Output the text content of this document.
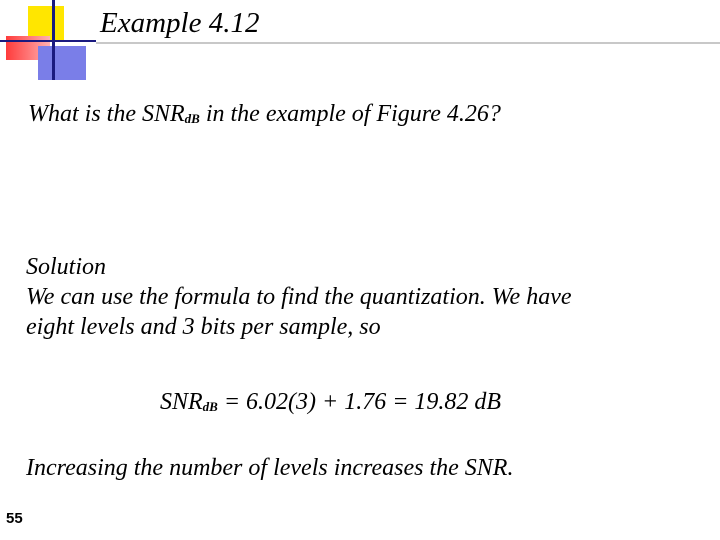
Example 4.12
What is the $SNR_{dB}$ in the example of Figure 4.26?
Solution
We can use the formula to find the quantization. We have
eight levels and 3 bits per sample, so
$SNR_{dB} = 6.02(3) + 1.76 = 19.82$ dB
Increasing the number of levels increases the SNR.
55
